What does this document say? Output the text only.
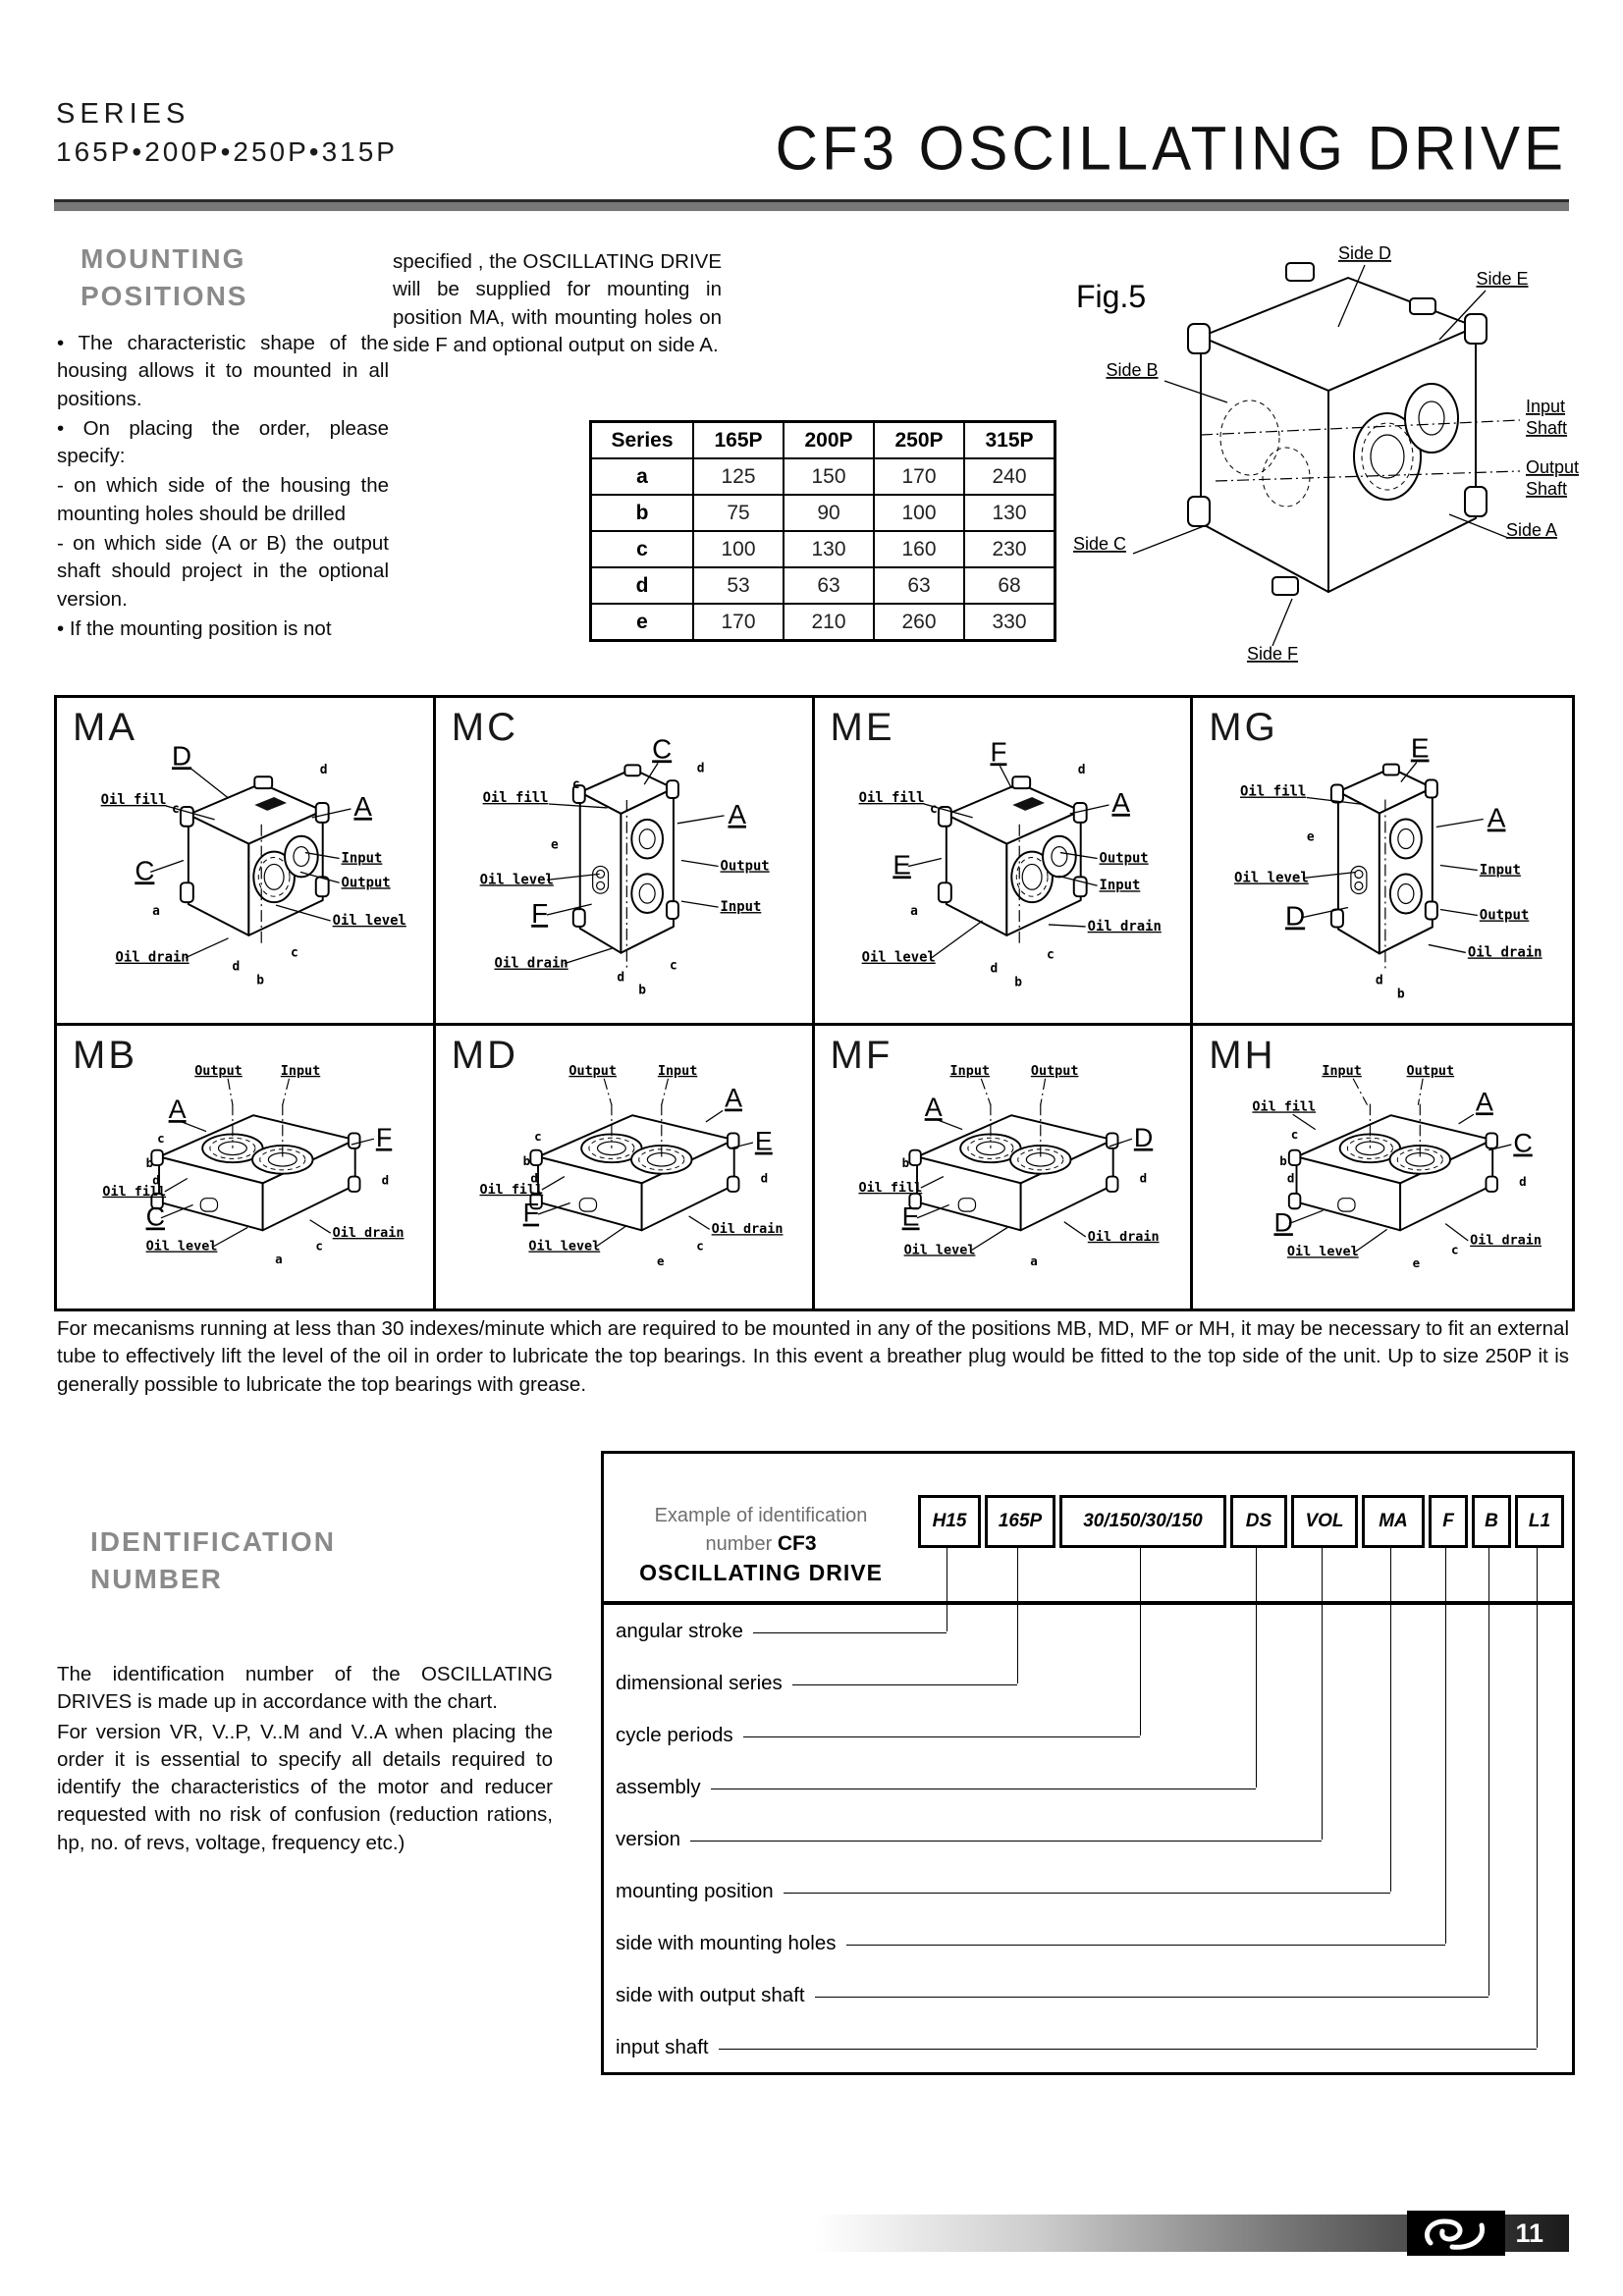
SERIES
165P•200P•250P•315P	CF3 OSCILLATING DRIVE
MOUNTING
POSITIONS

• The characteristic shape of the housing allows it to mounted in all positions.

• On placing the order, please specify:

- on which side of the housing the mounting holes should be drilled

- on which side (A or B) the output shaft should project in the optional version.

• If the mounting position is not

specified , the OSCILLATING DRIVE will be supplied for mounting in position MA, with mounting holes on side F and optional output on side A.
Series	165P	200P	250P	315P
a	125	150	170	240
b	75	90	100	130
c	100	130	160	230
d	53	63	63	68
e	170	210	260	330
Fig.5
Side D
Side E
Side B
Side C
Side F
Side A
Input
Shaft
Output
Shaft
MA
D
A
C
Oil fill
Input
Output
Oil level
Oil drain
c
d
a
d
b
c
MC	C
A
F
Oil fill
Output
Input
Oil level
Oil drain
c
d
e
d
b
c
ME
F
A
E
Oil fill
Output
Input
Oil drain
Oil level
c
d
a
d
b
c
MG	E
A
D
Oil fill
Input
Output
Oil drain
Oil level
e
d
b
MB	Output	Input
A
F
Oil fill
C
Oil level
Oil drain
c
b
d	d
a
c
MD	Output	Input
A
E
Oil fill
F
Oil level
Oil drain
c
b
d	d
e
c
MF	Input	Output
A
D
Oil fill
E
Oil level
Oil drain
b
d
a
MH	Input	Output
Oil fill	A
C
D
Oil level
Oil drain
c
b
d	d
e
c
For mecanisms running at less than 30 indexes/minute which are required to be mounted in any of the positions MB, MD, MF or MH, it may be necessary to fit an external tube to effectively lift the level of the oil in order to lubricate the top bearings. In this event a breather plug would be fitted to the top side of the unit. Up to size 250P it is generally possible to lubricate the top bearings with grease.
IDENTIFICATION
NUMBER

The identification number of the OSCILLATING DRIVES is made up in accordance with the chart.

For version VR, V..P, V..M and V..A when placing the order it is essential to specify all details required to identify the characteristics of the motor and reducer requested with no risk of confusion (reduction rations, hp, no. of revs, voltage, frequency etc.)

Example of identification
number CF3
OSCILLATING DRIVE
H15	165P	30/150/30/150	DS	VOL	MA	F	B	L1
angular stroke
dimensional series
cycle periods
assembly
version
mounting position
side with mounting holes
side with output shaft
input shaft
11
